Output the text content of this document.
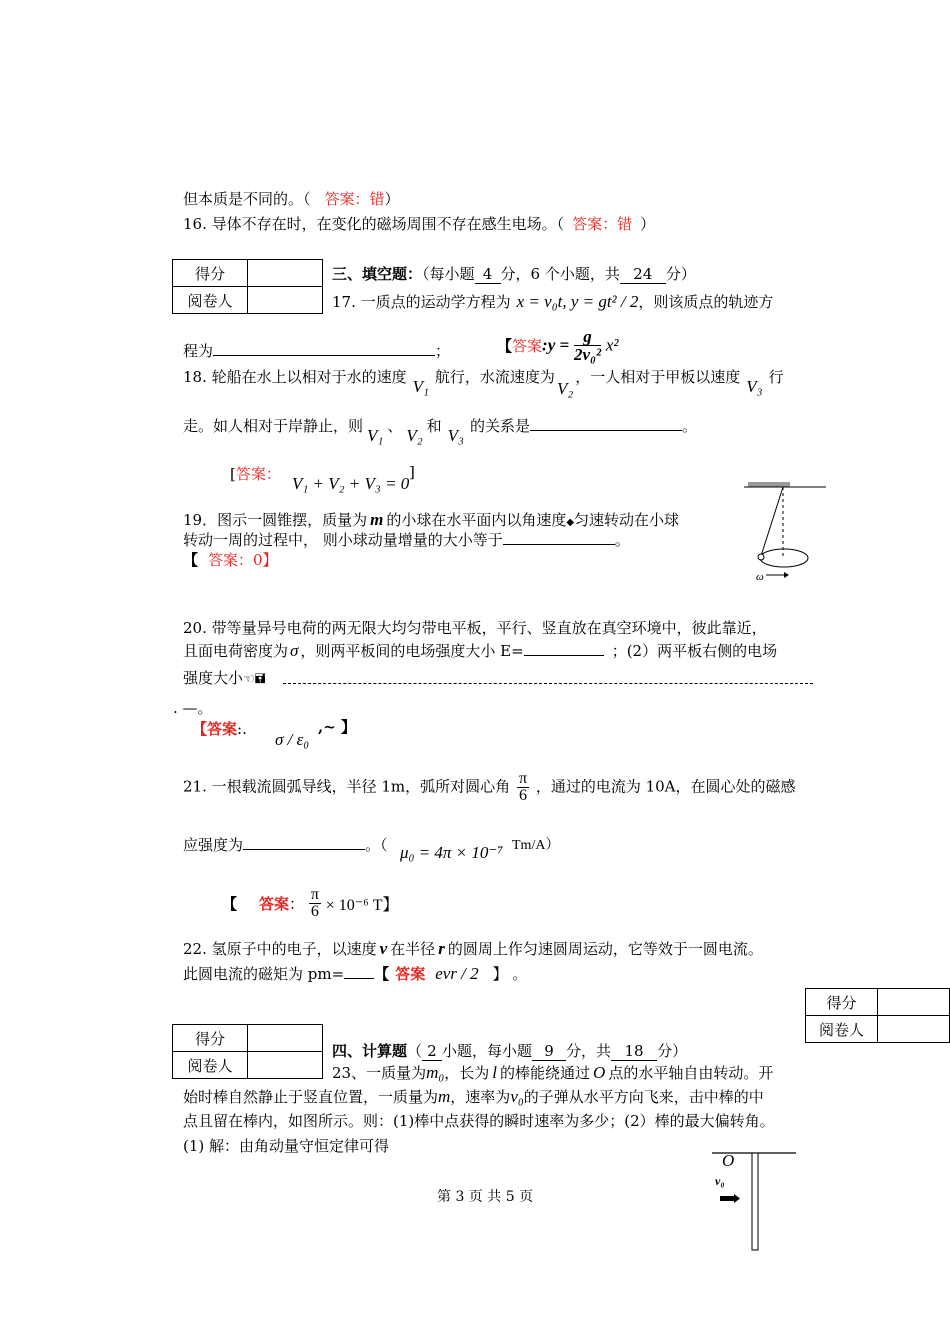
但本质是不同的。（ 答案：错）
16. 导体不存在时，在变化的磁场周围不存在感生电场。（ 答案：错 ）
得分	
阅卷人	
三、填空题：（每小题 4 分，6 个小题，共 24 分）
17. 一质点的运动学方程为 x = v₀t, y = gt² / 2，则该质点的轨迹方
程为	；	【答案:y = $\frac{g}{\text{2v₀²}} x^2$
18. 轮船在水上以相对于水的速度 V₁ 航行，水流速度为V₂，一人相对于甲板以速度 V₃ 行
走。如人相对于岸静止，则 V₁ 、 V₂ 和 V₃ 的关系是	。
[答案： V₁ + V₂ + V₃ = 0
]
19．图示一圆锥摆，质量为 m 的小球在水平面内以角速度◆匀速转动在小球
转动一周的过程中， 则小球动量增量的大小等于	。
【 答案：0】
ω
20. 带等量异号电荷的两无限大均匀带电平板，平行、竖直放在真空环境中，彼此靠近，
且面电荷密度为 σ ，则两平板间的电场强度大小 E=	；(2）两平板右侧的电场
强度大小☜🖬
. —。
【答案:.
σ / ε₀
,~ 】
21. 一根载流圆弧导线，半径 1m，弧所对圆心角 $\frac{\pi}{6}$ ，通过的电流为 10A，在圆心处的磁感
应强度为	。（ μ₀ = 4π × 10⁻⁷ Tm/A）
【 答案： $\frac{\pi}{6} \times 10^{-6}$ T】
22. 氢原子中的电子，以速度 v 在半径 r 的圆周上作匀速圆周运动，它等效于一圆电流。
此圆电流的磁矩为 pm= 【 答案 evr / 2 】 。
得分	
阅卷人	
得分	
阅卷人	
四、计算题（ 2 小题，每小题 9 分，共 18 分）
23、一质量为m₀，长为 l 的棒能绕通过 O 点的水平轴自由转动。开
始时棒自然静止于竖直位置，一质量为m，速率为v₀的子弹从水平方向飞来，击中棒的中
点且留在棒内，如图所示。则：(1)棒中点获得的瞬时速率为多少；(2）棒的最大偏转角。
(1) 解：由角动量守恒定律可得
O
v₀
第 3 页 共 5 页
